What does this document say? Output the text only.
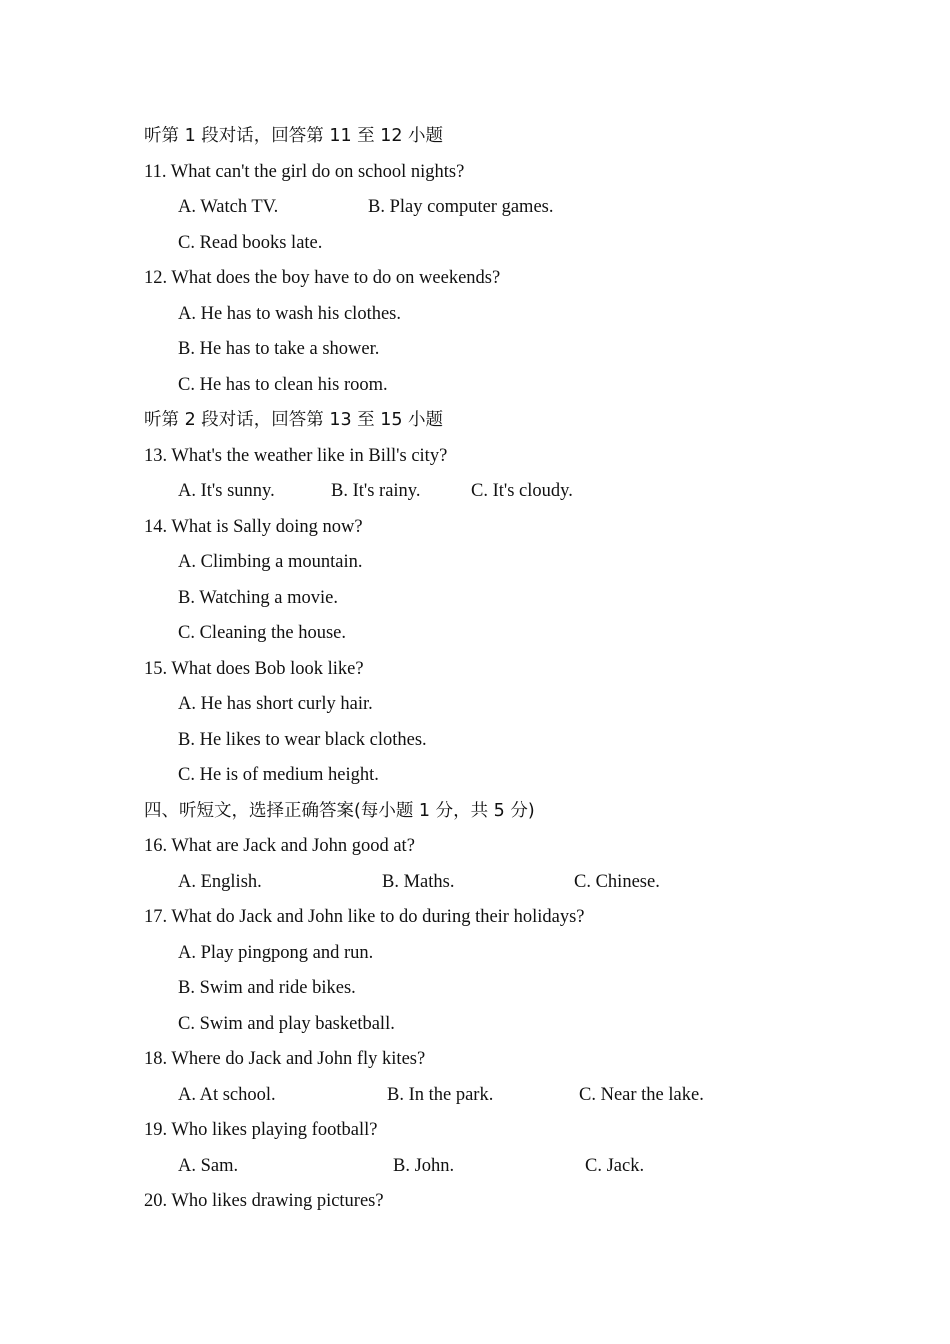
听第 1 段对话，回答第 11 至 12 小题
11. What can't the girl do on school nights?
A. Watch TV.	B. Play computer games.
C. Read books late.
12. What does the boy have to do on weekends?
A. He has to wash his clothes.
B. He has to take a shower.
C. He has to clean his room.
听第 2 段对话，回答第 13 至 15 小题
13. What's the weather like in Bill's city?
A. It's sunny.	B. It's rainy.	C. It's cloudy.
14. What is Sally doing now?
A. Climbing a mountain.
B. Watching a movie.
C. Cleaning the house.
15. What does Bob look like?
A. He has short curly hair.
B. He likes to wear black clothes.
C. He is of medium height.
四、听短文，选择正确答案(每小题 1 分，共 5 分)
16. What are Jack and John good at?
A. English.	B. Maths.	C. Chinese.
17. What do Jack and John like to do during their holidays?
A. Play pingpong and run.
B. Swim and ride bikes.
C. Swim and play basketball.
18. Where do Jack and John fly kites?
A. At school.	B. In the park.	C. Near the lake.
19. Who likes playing football?
A. Sam.	B. John.	C. Jack.
20. Who likes drawing pictures?
